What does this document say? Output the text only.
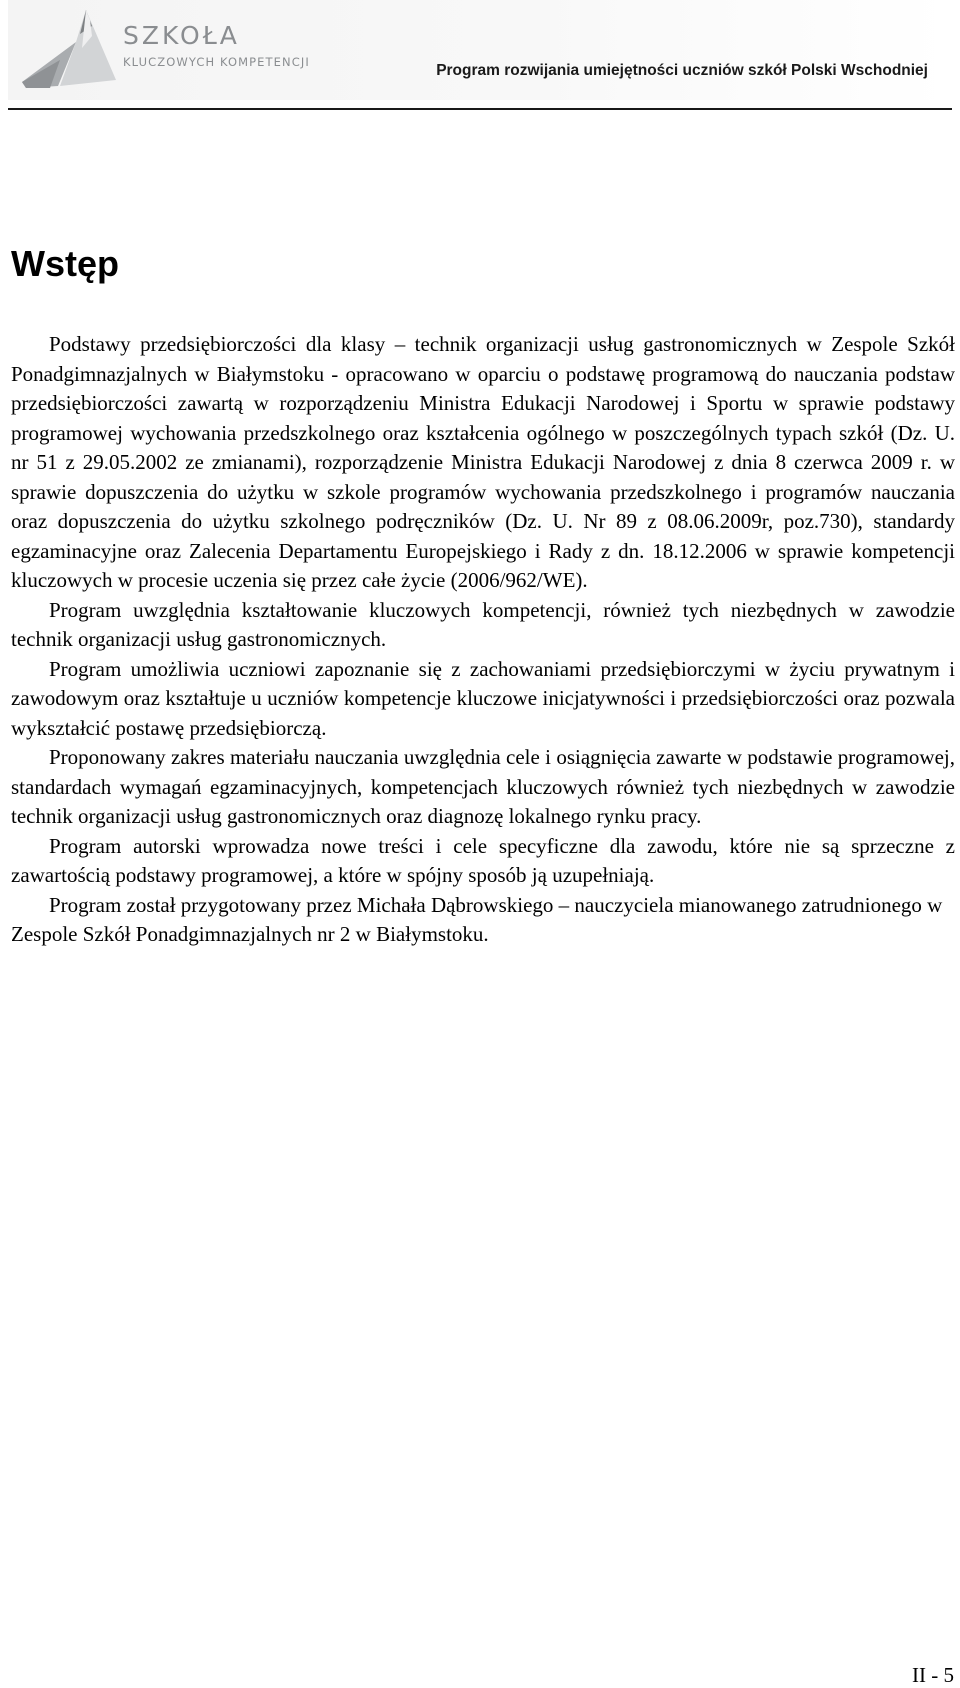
SZKOŁA
KLUCZOWYCH KOMPETENCJI	Program rozwijania umiejętności uczniów szkół Polski Wschodniej
Wstęp

Podstawy przedsiębiorczości dla klasy – technik organizacji usług gastronomicznych w Zespole Szkół Ponadgimnazjalnych w Białymstoku - opracowano w oparciu o podstawę programową do nauczania podstaw przedsiębiorczości zawartą w rozporządzeniu Ministra Edukacji Narodowej i Sportu w sprawie podstawy programowej wychowania przedszkolnego oraz kształcenia ogólnego w poszczególnych typach szkół (Dz. U. nr 51 z 29.05.2002 ze zmianami), rozporządzenie Ministra Edukacji Narodowej z dnia 8 czerwca 2009 r. w sprawie dopuszczenia do użytku w szkole programów wychowania przedszkolnego i programów nauczania oraz dopuszczenia do użytku szkolnego podręczników (Dz. U. Nr 89 z 08.06.2009r, poz.730), standardy egzaminacyjne oraz Zalecenia Departamentu Europejskiego i Rady z dn. 18.12.2006 w sprawie kompetencji kluczowych w procesie uczenia się przez całe życie (2006/962/WE).

Program uwzględnia kształtowanie kluczowych kompetencji, również tych niezbędnych w zawodzie technik organizacji usług gastronomicznych.

Program umożliwia uczniowi zapoznanie się z zachowaniami przedsiębiorczymi w życiu prywatnym i zawodowym oraz kształtuje u uczniów kompetencje kluczowe inicjatywności i przedsiębiorczości oraz pozwala wykształcić postawę przedsiębiorczą.

Proponowany zakres materiału nauczania uwzględnia cele i osiągnięcia zawarte w podstawie programowej, standardach wymagań egzaminacyjnych, kompetencjach kluczowych również tych niezbędnych w zawodzie technik organizacji usług gastronomicznych oraz diagnozę lokalnego rynku pracy.

Program autorski wprowadza nowe treści i cele specyficzne dla zawodu, które nie są sprzeczne z zawartością podstawy programowej, a które w spójny sposób ją uzupełniają.

Program został przygotowany przez Michała Dąbrowskiego – nauczyciela mianowanego zatrudnionego w Zespole Szkół Ponadgimnazjalnych nr 2 w Białymstoku.

II - 5
